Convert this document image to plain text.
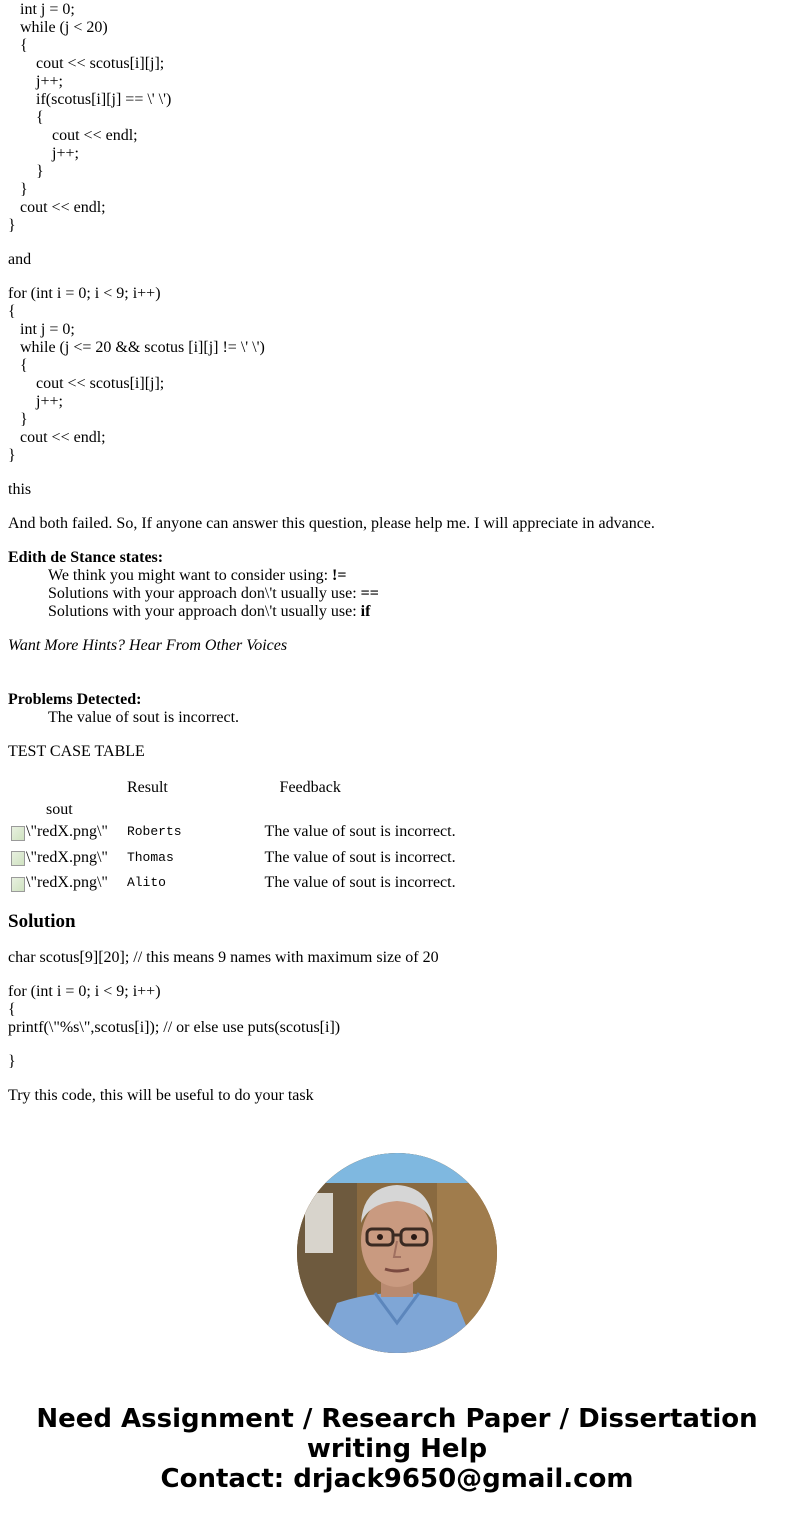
int j = 0;
while (j < 20)
{
cout << scotus[i][j];
j++;
if(scotus[i][j] == \' \')
{
cout << endl;
j++;
}
}
cout << endl;
}
and
for (int i = 0; i < 9; i++)
{
int j = 0;
while (j <= 20 && scotus [i][j] != \' \')
{
cout << scotus[i][j];
j++;
}
cout << endl;
}
this
And both failed. So, If anyone can answer this question, please help me. I will appreciate in advance.
Edith de Stance states:
We think you might want to consider using: !=
Solutions with your approach don\'t usually use: ==
Solutions with your approach don\'t usually use: if
Want More Hints? Hear From Other Voices
Problems Detected:
The value of sout is incorrect.
TEST CASE TABLE
	Result	Feedback
sout		

\"redX.png\"	Roberts	The value of sout is incorrect.

\"redX.png\"	Thomas	The value of sout is incorrect.

\"redX.png\"	Alito	The value of sout is incorrect.
Solution
char scotus[9][20]; // this means 9 names with maximum size of 20
for (int i = 0; i < 9; i++)
{
printf(\"%s\",scotus[i]); // or else use puts(scotus[i])
}
Try this code, this will be useful to do your task
Need Assignment / Research Paper / Dissertation
writing Help
Contact: drjack9650@gmail.com
